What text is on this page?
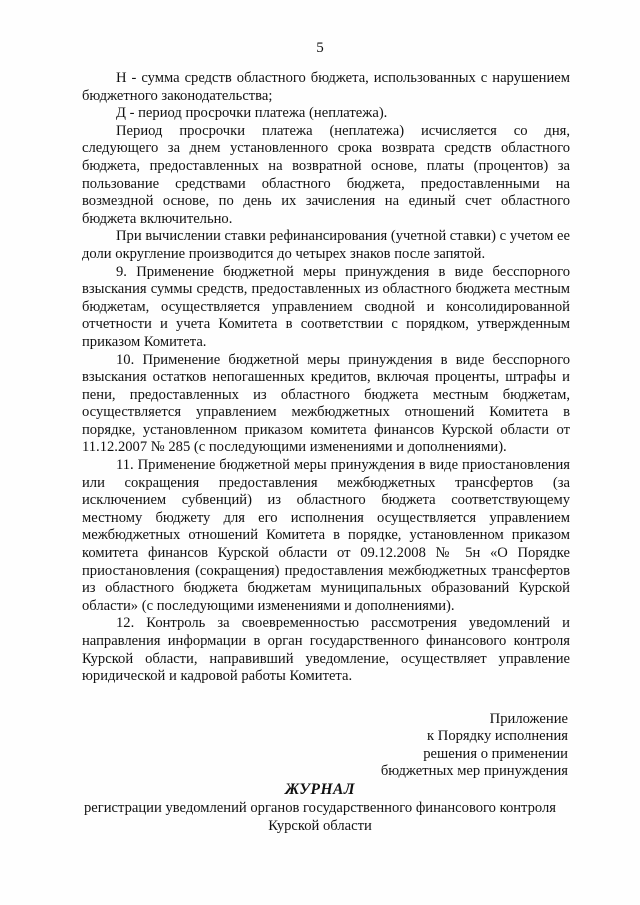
5

H - сумма средств областного бюджета, использованных с нарушением бюджетного законодательства;

Д - период просрочки платежа (неплатежа).

Период просрочки платежа (неплатежа) исчисляется со дня, следующего за днем установленного срока возврата средств областного бюджета, предоставленных на возвратной основе, платы (процентов) за пользование средствами областного бюджета, предоставленными на возмездной основе, по день их зачисления на единый счет областного бюджета включительно.

При вычислении ставки рефинансирования (учетной ставки) с учетом ее доли округление производится до четырех знаков после запятой.

9. Применение бюджетной меры принуждения в виде бесспорного взыскания суммы средств, предоставленных из областного бюджета местным бюджетам, осуществляется управлением сводной и консолидированной отчетности и учета Комитета в соответствии с порядком, утвержденным приказом Комитета.

10. Применение бюджетной меры принуждения в виде бесспорного взыскания остатков непогашенных кредитов, включая проценты, штрафы и пени, предоставленных из областного бюджета местным бюджетам, осуществляется управлением межбюджетных отношений Комитета в порядке, установленном приказом комитета финансов Курской области от 11.12.2007 № 285 (с последующими изменениями и дополнениями).

11. Применение бюджетной меры принуждения в виде приостановления или сокращения предоставления межбюджетных трансфертов (за исключением субвенций) из областного бюджета соответствующему местному бюджету для его исполнения осуществляется управлением межбюджетных отношений Комитета в порядке, установленном приказом комитета финансов Курской области от 09.12.2008 № 5н «О Порядке приостановления (сокращения) предоставления межбюджетных трансфертов из областного бюджета бюджетам муниципальных образований Курской области» (с последующими изменениями и дополнениями).

12. Контроль за своевременностью рассмотрения уведомлений и направления информации в орган государственного финансового контроля Курской области, направивший уведомление, осуществляет управление юридической и кадровой работы Комитета.

Приложение
к Порядку исполнения
решения о применении
бюджетных мер принуждения
ЖУРНАЛ
регистрации уведомлений органов государственного финансового контроля Курской области
